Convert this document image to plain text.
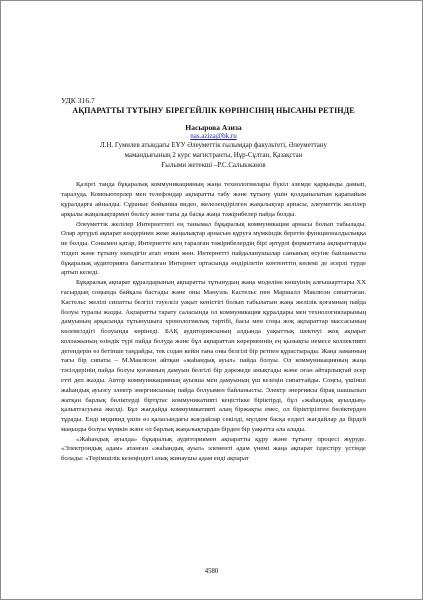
УДК 316.7

АҚПАРАТТЫ ТҰТЫНУ БІРЕГЕЙЛІК КӨРІНІСІНІҢ НЫСАНЫ РЕТІНДЕ

Насырова Азиза

nas.aziza@bk.ru

Л.Н. Гумилев атындағы ЕҰУ Әлеуметтік ғылымдар факультеті, Әлеуметтану

мамандығының 2 курс магистранты, Нұр-Сұлтан, Қазақстан

Ғылыми жетекші –Р.С.Салыкжанов

Қазіргі таңда бұқаралық коммуникацияның жаңа технологиялары бүкіл әлемде қарқынды дамып, таралуда. Компьютерлер мен телефондар ақпаратты табу және тұтыну үшін қолданылатын қарапайым құралдарға айналды. Сұраныс бойынша видео, желелендірілген жаңалықтар арнасы, әлеуметтік желілер арқылы жаңалықтармен бөлісу және тағы да басқа жаңа тәжірибелер пайда болды.

Әлеуметтік желілер Интернеттегі ең танымал бұқаралық коммуникация арнасы болып табылады. Олар әртүрлі ақпарат көздерінен жеке жаңалықтар арнасын құруға мүмкіндік беретін функционалдылыққа ие болды. Сонымен қатар, Интернетте кең таралған тәжірибелердің бірі әртүрлі форматтағы ақпараттарды тіздеп және тұтыну екендігін атап өткен жөн. Интернетті пайдаланушылар санының өсуіне байланысты бұқаралық аудиторияға бағытталған Интернет ортасында өндірілетін контенттің көлемі де әсерлі түрде артып келеді.

Бұқаралық ақпарат құралдарының ақпаратты тұтынудың жаңа моделіне көшуінің алғышарттары XX ғасырдың соңында байқала бастады және оны Мануэль Кастельс пен Маршалл Маклюэн сипаттаған. Кастельс желілі сипатты белгісі тәуелсіз уақыт кеністігі болып табылатын жаңа желілік қоғамның пайда болуы туралы жазды. Ақпаратты тарату саласында ол коммуникация құралдары мен технологияларының дамуының арқасында тұтынушыға хронологиялық тәртібі, басы мен соңы жоқ ақпараттар массасының көлемсіздігі болуында көрінеді. БАҚ аудиториясының алдында уақыттық шектеуі жоқ ақпарат коллажының өзіндік түрі пайда болуда және бұл ақпараттан көрерменнің ең қызықты немесе коллективті дегендерін өз бетінше таңдайды, тек содан кейін ғана оны белгілі бір ретпен құрастырады. Жаңа заманның тағы бір сипаты – М.Маклюэн айтқан «жаһандық ауыл» пайда болуы. Ол коммуникацияның жаңа тәсілдерінің пайда болуы қоғамның дамуын белгілі бір дәрежеде анықтады және оған айтарлықтай әсер етті деп жазды. Автор коммуникацияның ауызша мен дамуының үш кезеңін сипаттайды. Соңғы, үшінші жаһандық ауызсу электр энергиясының пайда болуымен байланысты. Электр энергиясы бірақ шашылып жатқан барлық бөліктерді біртұтас коммуникативті кеңістікке біріктірді, бұл «жаһандық ауылдың» қалыптасуына әкелді. Бұл жағдайда коммуникативті алаң біржақты емес, ол біріктірілген бөліктерден тұрады. Енді индивид үшін өз қаласындағы жағдайлар секілді, мүлдем басқа елдегі жағдайлар да бірдей маңызды болуы мүмкін және ол барлық жаңалықтардан бірден бір уақытта ала алады.

«Жаһандық ауылда» бұқаралық аудиториямен ақпаратты құру және тұтыну процесі жүруде. «Электрондық адам» атанған «жаһандық ауыл» элементі адам үнемі жаңа ақпарат іздестіру үстінде болады: «Терімшілік кезеңіндегі азық жинаушы адам енді ақпарат

4580
